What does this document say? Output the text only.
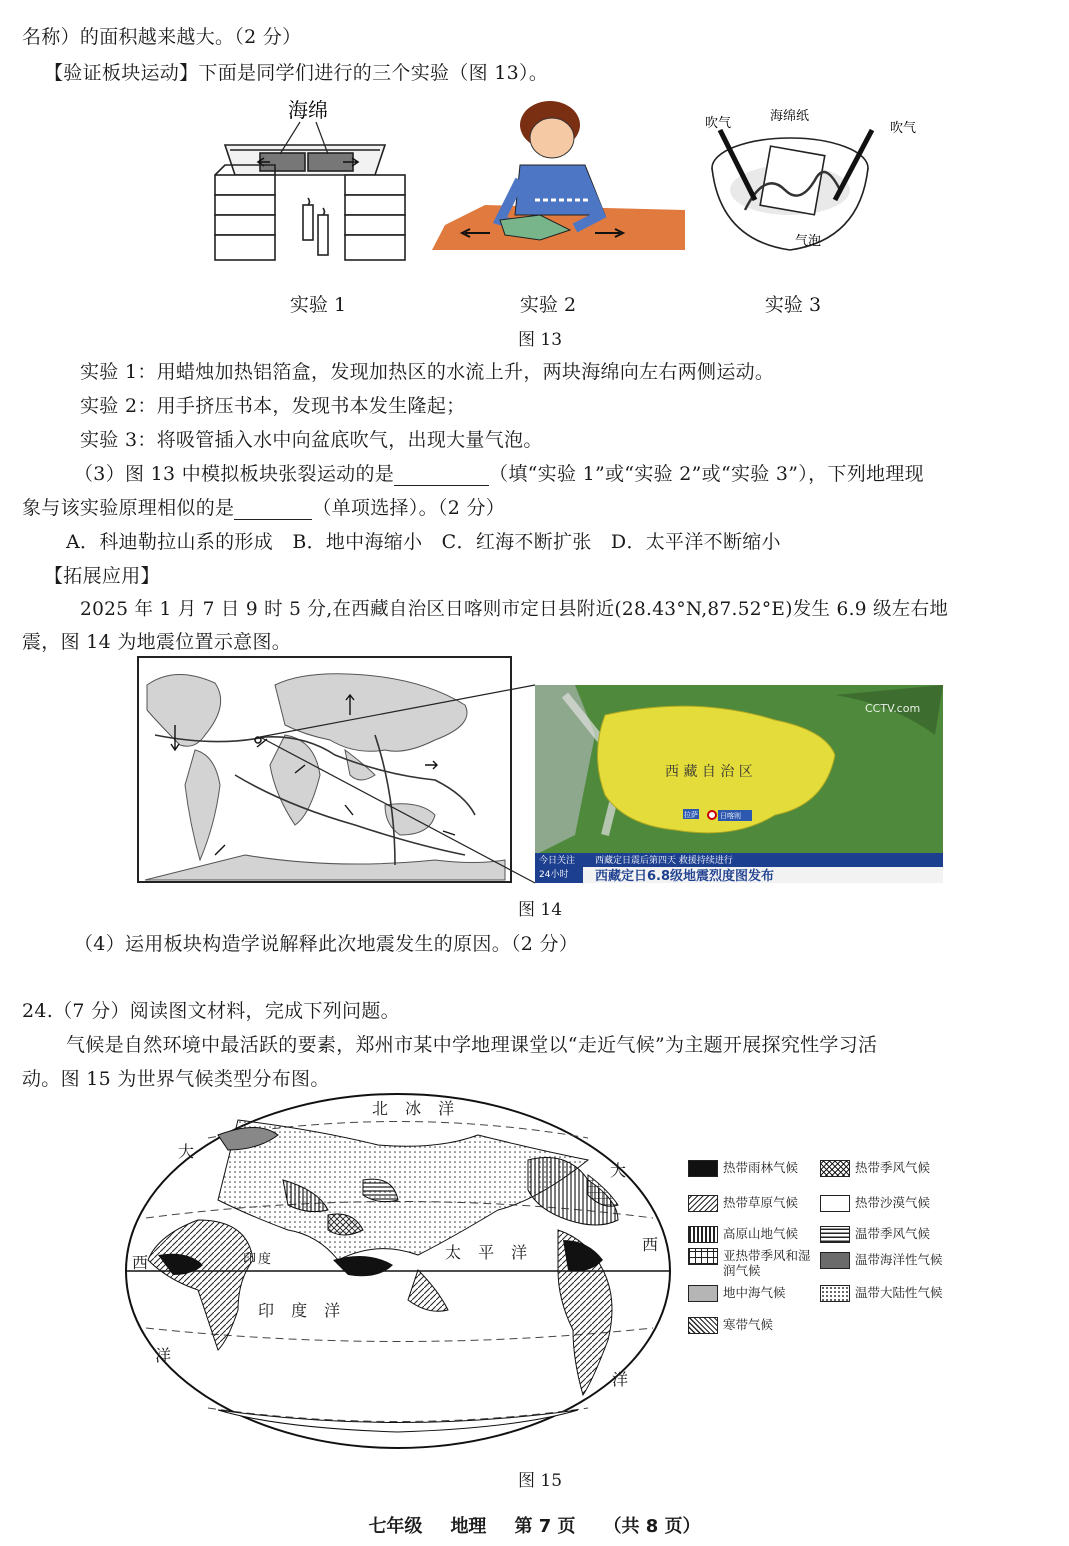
名称）的面积越来越大。（2 分）
【验证板块运动】下面是同学们进行的三个实验（图 13）。
海绵
吹气	吹气
海绵纸
气泡
实验 1	实验 2	实验 3
图 13
实验 1：用蜡烛加热铝箔盒，发现加热区的水流上升，两块海绵向左右两侧运动。
实验 2：用手挤压书本，发现书本发生隆起；
实验 3：将吸管插入水中向盆底吹气，出现大量气泡。
（3）图 13 中模拟板块张裂运动的是	（填“实验 1”或“实验 2”或“实验 3”），下列地理现
象与该实验原理相似的是	（单项选择）。（2 分）
A．科迪勒拉山系的形成　B．地中海缩小　C．红海不断扩张　D．太平洋不断缩小
【拓展应用】
2025 年 1 月 7 日 9 时 5 分,在西藏自治区日喀则市定日县附近(28.43°N,87.52°E)发生 6.9 级左右地
震，图 14 为地震位置示意图。
西 藏 自 治 区
拉萨	日喀则
CCTV.com
今日关注
24小时
西藏定日震后第四天 救援持续进行
西藏定日6.8级地震烈度图发布
图 14
（4）运用板块构造学说解释此次地震发生的原因。（2 分）
24.（7 分）阅读图文材料，完成下列问题。
气候是自然环境中最活跃的要素，郑州市某中学地理课堂以“走近气候”为主题开展探究性学习活
动。图 15 为世界气候类型分布图。
北 冰 洋
太 平 洋
印 度 洋
大
西
洋
大
西
洋
印度
热带雨林气候	热带季风气候
热带草原气候	热带沙漠气候
高原山地气候	温带季风气候
亚热带季风和湿润气候
温带海洋性气候
地中海气候	温带大陆性气候
寒带气候
图 15
七年级 地理 第 7 页 （共 8 页）
